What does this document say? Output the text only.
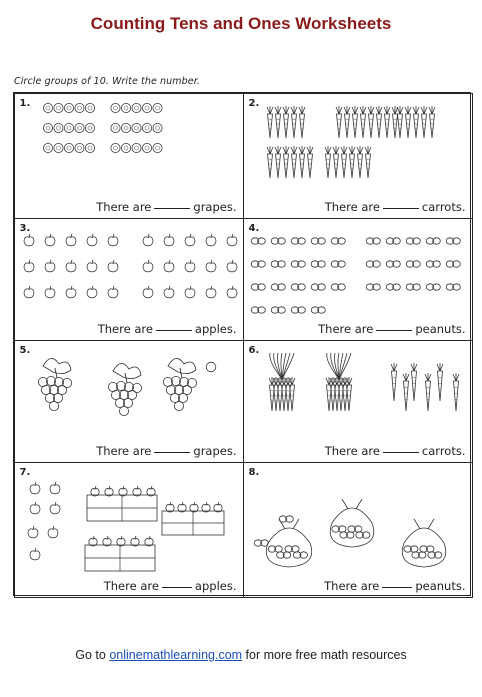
Counting Tens and Ones Worksheets
Circle groups of 10. Write the number.
1.
There are	grapes.
2.
There are	carrots.
3.
There are	apples.
4.
There are	peanuts.
5.
There are	grapes.
6.
There are	carrots.
7.
There are	apples.
8.
There are	peanuts.
Go to onlinemathlearning.com for more free math resources
